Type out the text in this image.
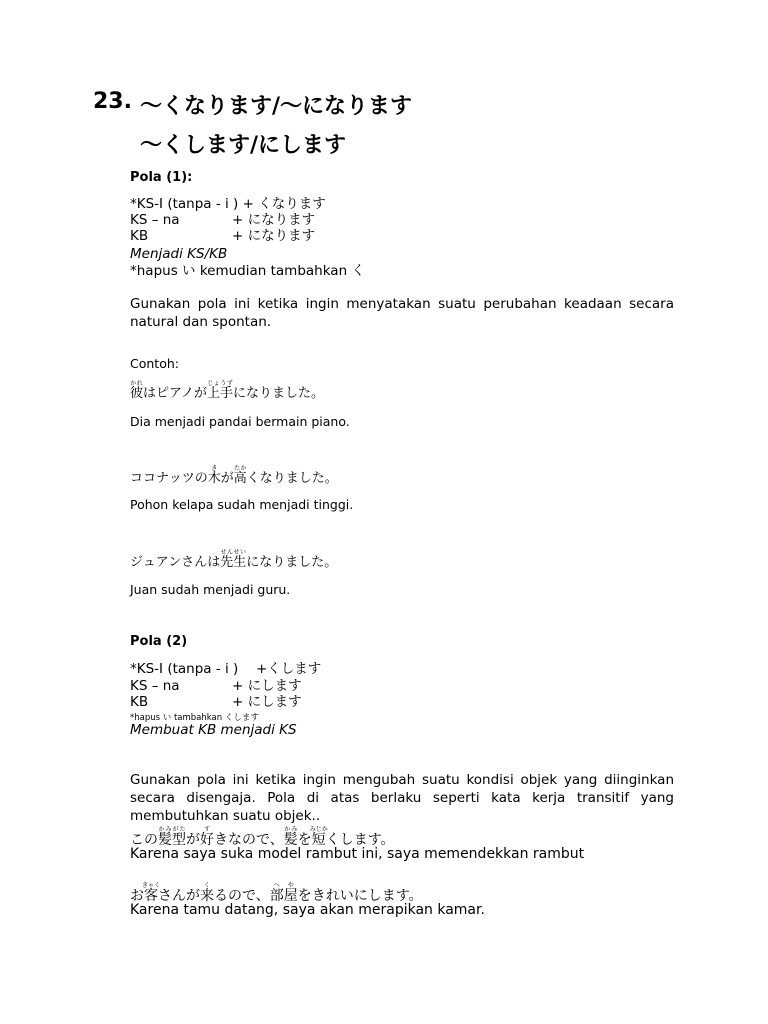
23. ～くなります/～になります
～くします/にします
Pola (1):
*KS-I (tanpa - i ) + くなります
KS – na	+ になります
KB	+ になります
Menjadi KS/KB
*hapus い kemudian tambahkan く
Gunakan pola ini ketika ingin menyatakan suatu perubahan keadaan secara natural dan spontan.
Contoh:
彼かれはピアノが上手じょうずになりました。
Dia menjadi pandai bermain piano.
ココナッツの木きが高たかくなりました。
Pohon kelapa sudah menjadi tinggi.
ジュアンさんは先生せんせいになりました。
Juan sudah menjadi guru.
Pola (2)
*KS-I (tanpa - i ) +くします
KS – na	+ にします
KB	+ にします
*hapus い tambahkan くします
Membuat KB menjadi KS
Gunakan pola ini ketika ingin mengubah suatu kondisi objek yang diinginkan secara disengaja. Pola di atas berlaku seperti kata kerja transitif yang membutuhkan suatu objek..
この髪型かみがたが好すきなので、髪かみを短みじかくします。
Karena saya suka model rambut ini, saya memendekkan rambut
お客きゃくさんが来くるので、部屋へやをきれいにします。
Karena tamu datang, saya akan merapikan kamar.
